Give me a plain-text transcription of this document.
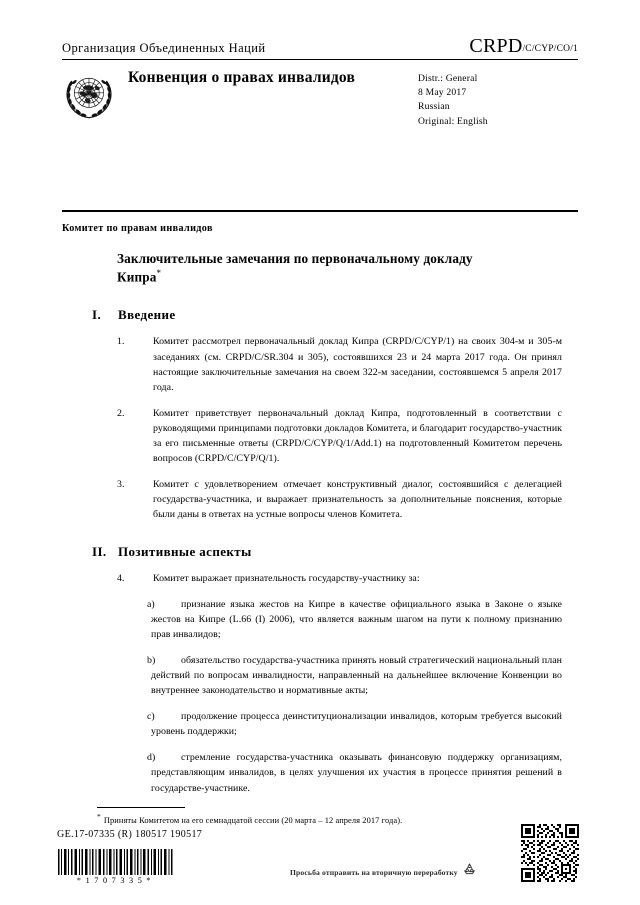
Организация Объединенных Наций	CRPD/C/CYP/CO/1
Конвенция о правах инвалидов	Distr.: General
8 May 2017
Russian
Original: English
Комитет по правам инвалидов
Заключительные замечания по первоначальному докладу Кипра*
I.	Введение
1.	Комитет рассмотрел первоначальный доклад Кипра (CRPD/C/CYP/1) на своих 304-м и 305-м заседаниях (см. CRPD/C/SR.304 и 305), состоявшихся 23 и 24 марта 2017 года. Он принял настоящие заключительные замечания на своем 322-м заседании, состоявшемся 5 апреля 2017 года.
2.	Комитет приветствует первоначальный доклад Кипра, подготовленный в соответствии с руководящими принципами подготовки докладов Комитета, и благодарит государство-участник за его письменные ответы (CRPD/C/CYP/Q/1/Add.1) на подготовленный Комитетом перечень вопросов (CRPD/C/CYP/Q/1).
3.	Комитет с удовлетворением отмечает конструктивный диалог, состоявшийся с делегацией государства-участника, и выражает признательность за дополнительные пояснения, которые были даны в ответах на устные вопросы членов Комитета.
II. Позитивные аспекты
4.	Комитет выражает признательность государству-участнику за:
a)	признание языка жестов на Кипре в качестве официального языка в Законе о языке жестов на Кипре (L.66 (I) 2006), что является важным шагом на пути к полному признанию прав инвалидов;
b)	обязательство государства-участника принять новый стратегический национальный план действий по вопросам инвалидности, направленный на дальнейшее включение Конвенции во внутреннее законодательство и нормативные акты;
c)	продолжение процесса деинституционализации инвалидов, которым требуется высокий уровень поддержки;
d)	стремление государства-участника оказывать финансовую поддержку организациям, представляющим инвалидов, в целях улучшения их участия в процессе принятия решений в государстве-участнике.
* Приняты Комитетом на его семнадцатой сессии (20 марта – 12 апреля 2017 года).
GE.17-07335 (R) 180517 190517
*1707335*
Просьба отправить на вторичную переработку
